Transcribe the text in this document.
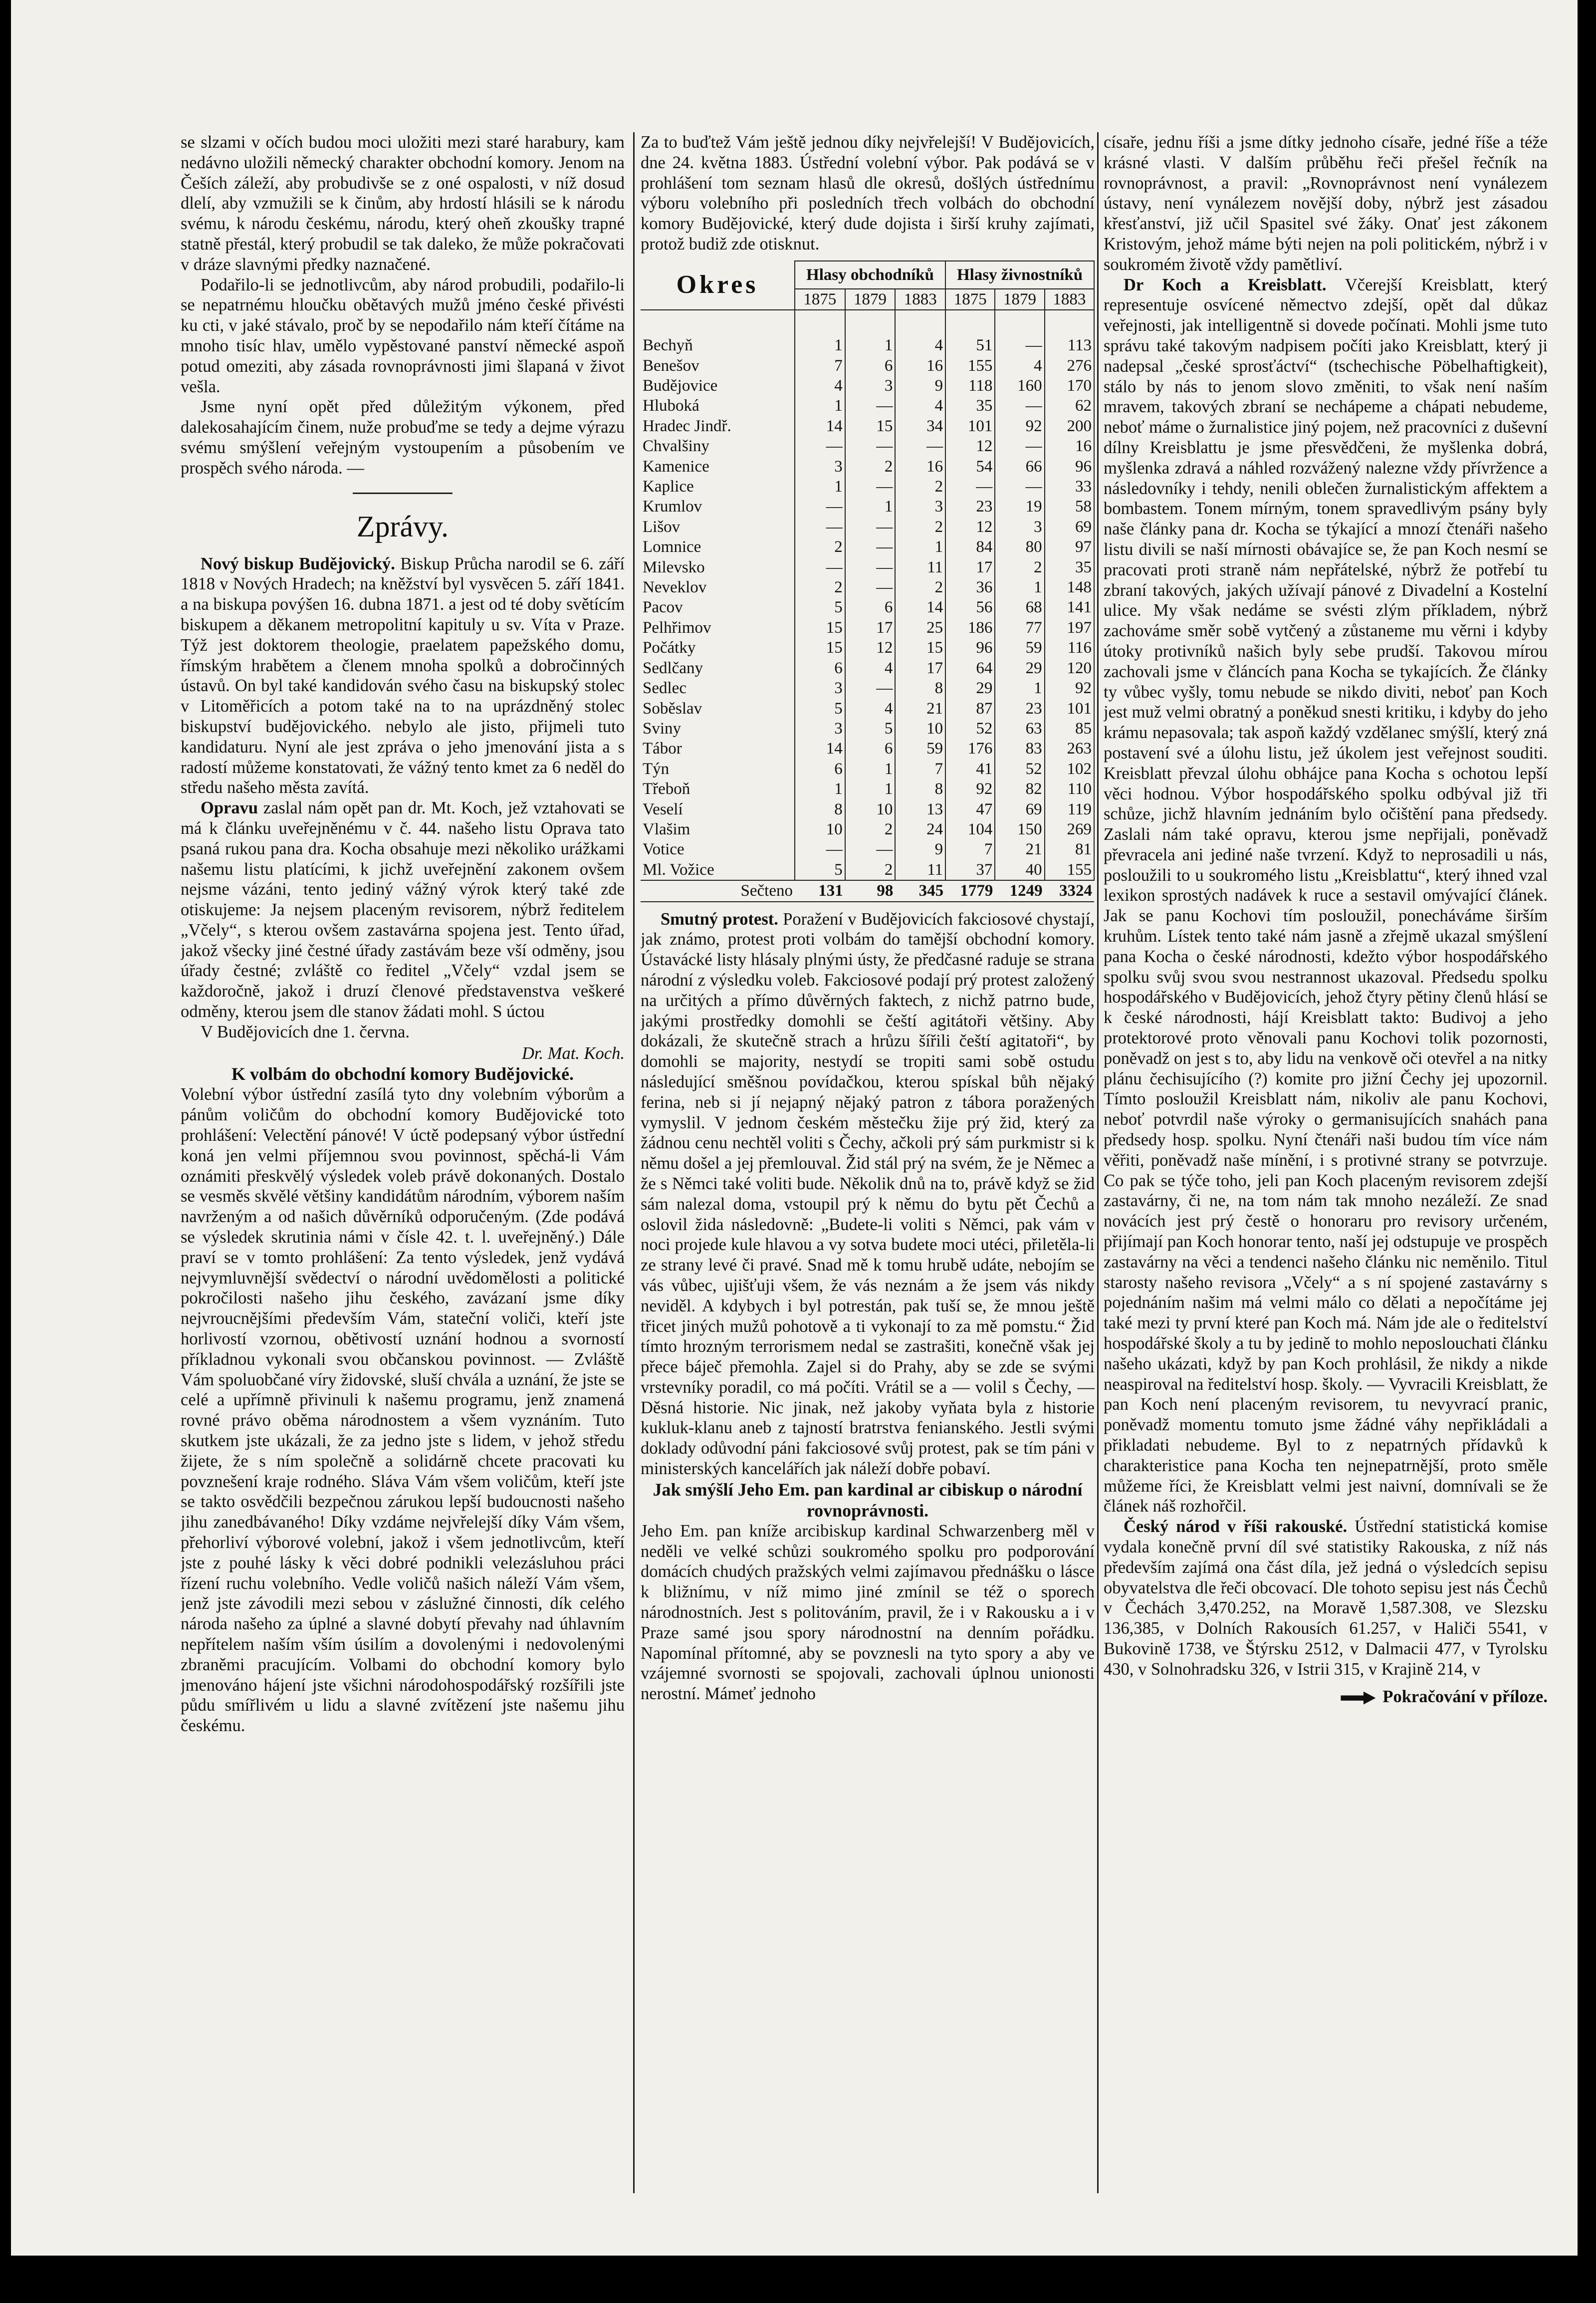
se slzami v očích budou moci uložiti mezi staré harabury, kam nedávno uložili německý charakter obchodní komory. Jenom na Češích záleží, aby probudivše se z oné ospalosti, v níž dosud dlelí, aby vzmužili se k činům, aby hrdostí hlásili se k národu svému, k národu českému, národu, který oheň zkoušky trapné statně přestál, který probudil se tak daleko, že může pokračovati v dráze slavnými předky naznačené.

Podařilo-li se jednotlivcům, aby národ probudili, podařilo-li se nepatrnému hloučku obětavých mužů jméno české přivésti ku cti, v jaké stávalo, proč by se nepodařilo nám kteří čítáme na mnoho tisíc hlav, umělo vypěstované panství německé aspoň potud omeziti, aby zásada rovnoprávnosti jimi šlapaná v život vešla.

Jsme nyní opět před důležitým výkonem, před dalekosahajícím činem, nuže probuďme se tedy a dejme výrazu svému smýšlení veřejným vystoupením a působením ve prospěch svého národa. —

Zprávy.

Nový biskup Budějovický. Biskup Průcha narodil se 6. září 1818 v Nových Hradech; na kněžství byl vysvěcen 5. září 1841. a na biskupa povýšen 16. dubna 1871. a jest od té doby světícím biskupem a děkanem metropolitní kapituly u sv. Víta v Praze. Týž jest doktorem theologie, praelatem papežského domu, římským hrabětem a členem mnoha spolků a dobročinných ústavů. On byl také kandidován svého času na biskupský stolec v Litoměřicích a potom také na to na uprázdněný stolec biskupství budějovického. nebylo ale jisto, přijmeli tuto kandidaturu. Nyní ale jest zpráva o jeho jmenování jista a s radostí můžeme konstatovati, že vážný tento kmet za 6 neděl do středu našeho města zavítá.

Opravu zaslal nám opět pan dr. Mt. Koch, jež vztahovati se má k článku uveřejněnému v č. 44. našeho listu Oprava tato psaná rukou pana dra. Kocha obsahuje mezi několiko urážkami našemu listu platícími, k jichž uveřejnění zakonem ovšem nejsme vázáni, tento jediný vážný výrok který také zde otiskujeme: Ja nejsem placeným revisorem, nýbrž ředitelem „Včely“, s kterou ovšem zastavárna spojena jest. Tento úřad, jakož všecky jiné čestné úřady zastávám beze vší odměny, jsou úřady čestné; zvláště co ředitel „Včely“ vzdal jsem se každoročně, jakož i druzí členové představenstva veškeré odměny, kterou jsem dle stanov žádati mohl. S úctou

V Budějovicích dne 1. června.

Dr. Mat. Koch.
K volbám do obchodní komory Budějovické.

Volební výbor ústřední zasílá tyto dny volebním výborům a pánům voličům do obchodní komory Budějovické toto prohlášení: Velectění pánové! V úctě podepsaný výbor ústřední koná jen velmi příjemnou svou povinnost, spěchá-li Vám oznámiti přeskvělý výsledek voleb právě dokonaných. Dostalo se vesměs skvělé většiny kandidátům národním, výborem naším navrženým a od našich důvěrníků odporučeným. (Zde podává se výsledek skrutinia námi v čísle 42. t. l. uveřejněný.) Dále praví se v tomto prohlášení: Za tento výsledek, jenž vydává nejvymluvnější svědectví o národní uvědomělosti a politické pokročilosti našeho jihu českého, zavázaní jsme díky nejvroucnějšími především Vám, stateční voliči, kteří jste horlivostí vzornou, obětivostí uznání hodnou a svorností příkladnou vykonali svou občanskou povinnost. — Zvláště Vám spoluobčané víry židovské, sluší chvála a uznání, že jste se celé a upřímně přivinuli k našemu programu, jenž znamená rovné právo oběma národnostem a všem vyznáním. Tuto skutkem jste ukázali, že za jedno jste s lidem, v jehož středu žijete, že s ním společně a solidárně chcete pracovati ku povznešení kraje rodného. Sláva Vám všem voličům, kteří jste se takto osvědčili bezpečnou zárukou lepší budoucnosti našeho jihu zanedbávaného! Díky vzdáme nejvřelejší díky Vám všem, přehorliví výborové volební, jakož i všem jednotlivcům, kteří jste z pouhé lásky k věci dobré podnikli velezásluhou práci řízení ruchu volebního. Vedle voličů našich náleží Vám všem, jenž jste závodili mezi sebou v záslužné činnosti, dík celého národa našeho za úplné a slavné dobytí převahy nad úhlavním nepřítelem naším vším úsilím a dovolenými i nedovolenými zbraněmi pracujícím. Volbami do obchodní komory bylo jmenováno hájení jste všichni národohospodářský rozšířili jste půdu smířlivém u lidu a slavné zvítězení jste našemu jihu českému.

Za to buďtež Vám ještě jednou díky nejvřelejší! V Budějovicích, dne 24. května 1883. Ústřední volební výbor. Pak podává se v prohlášení tom seznam hlasů dle okresů, došlých ústřednímu výboru volebního při posledních třech volbách do obchodní komory Budějovické, který dude dojista i širší kruhy zajímati, protož budiž zde otisknut.

Okres	Hlasy obchodníků			Hlasy živnostníků		
	1875	1879	1883	1875	1879	1883

Bechyň	1	1	4	51	—	113
Benešov	7	6	16	155	4	276
Budějovice	4	3	9	118	160	170
Hluboká	1	—	4	35	—	62
Hradec Jindř.	14	15	34	101	92	200
Chvalšiny	—	—	—	12	—	16
Kamenice	3	2	16	54	66	96
Kaplice	1	—	2	—	—	33
Krumlov	—	1	3	23	19	58
Lišov	—	—	2	12	3	69
Lomnice	2	—	1	84	80	97
Milevsko	—	—	11	17	2	35
Neveklov	2	—	2	36	1	148
Pacov	5	6	14	56	68	141
Pelhřimov	15	17	25	186	77	197
Počátky	15	12	15	96	59	116
Sedlčany	6	4	17	64	29	120
Sedlec	3	—	8	29	1	92
Soběslav	5	4	21	87	23	101
Sviny	3	5	10	52	63	85
Tábor	14	6	59	176	83	263
Týn	6	1	7	41	52	102
Třeboň	1	1	8	92	82	110
Veselí	8	10	13	47	69	119
Vlašim	10	2	24	104	150	269
Votice	—	—	9	7	21	81
Ml. Vožice	5	2	11	37	40	155
Sečteno	131	98	345	1779	1249	3324

Smutný protest. Poražení v Budějovicích fakciosové chystají, jak známo, protest proti volbám do tamější obchodní komory. Ústavácké listy hlásaly plnými ústy, že předčasné raduje se strana národní z výsledku voleb. Fakciosové podají prý protest založený na určitých a přímo důvěrných faktech, z nichž patrno bude, jakými prostředky domohli se čeští agitátoři většiny. Aby dokázali, že skutečně strach a hrůzu šířili čeští agitatoři“, by domohli se majority, nestydí se tropiti sami sobě ostudu následující směšnou povídačkou, kterou spískal bůh nějaký ferina, neb si jí nejapný nějaký patron z tábora poražených vymyslil. V jednom českém městečku žije prý žid, který za žádnou cenu nechtěl voliti s Čechy, ačkoli prý sám purkmistr si k němu došel a jej přemlouval. Žid stál prý na svém, že je Němec a že s Němci také voliti bude. Několik dnů na to, právě když se žid sám nalezal doma, vstoupil prý k němu do bytu pět Čechů a oslovil žida následovně: „Budete-li voliti s Němci, pak vám v noci projede kule hlavou a vy sotva budete moci utéci, přiletěla-li ze strany levé či pravé. Snad mě k tomu hrubě udáte, nebojím se vás vůbec, ujišťuji všem, že vás neznám a že jsem vás nikdy neviděl. A kdybych i byl potrestán, pak tuší se, že mnou ještě třicet jiných mužů pohotově a ti vykonají to za mě pomstu.“ Žid tímto hrozným terrorismem nedal se zastrašiti, konečně však jej přece báječ přemohla. Zajel si do Prahy, aby se zde se svými vrstevníky poradil, co má počíti. Vrátil se a — volil s Čechy, — Děsná historie. Nic jinak, než jakoby vyňata byla z historie kukluk-klanu aneb z tajností bratrstva fenianského. Jestli svými doklady odůvodní páni fakciosové svůj protest, pak se tím páni v ministerských kancelářích jak náleží dobře pobaví.

Jak smýšlí Jeho Em. pan kardinal ar cibiskup o národní rovnoprávnosti.

Jeho Em. pan kníže arcibiskup kardinal Schwarzenberg měl v neděli ve velké schůzi soukromého spolku pro podporování domácích chudých pražských velmi zajímavou přednášku o lásce k bližnímu, v níž mimo jiné zmínil se též o sporech národnostních. Jest s politováním, pravil, že i v Rakousku a i v Praze samé jsou spory národnostní na denním pořádku. Napomínal přítomné, aby se povznesli na tyto spory a aby ve vzájemné svornosti se spojovali, zachovali úplnou unionosti nerostní. Mámeť jednoho

císaře, jednu říši a jsme dítky jednoho císaře, jedné říše a téže krásné vlasti. V dalším průběhu řeči přešel řečník na rovnoprávnost, a pravil: „Rovnoprávnost není vynálezem ústavy, není vynálezem novější doby, nýbrž jest zásadou křesťanství, již učil Spasitel své žáky. Onať jest zákonem Kristovým, jehož máme býti nejen na poli politickém, nýbrž i v soukromém životě vždy pamětliví.

Dr Koch a Kreisblatt. Včerejší Kreisblatt, který representuje osvícené němectvo zdejší, opět dal důkaz veřejnosti, jak intelligentně si dovede počínati. Mohli jsme tuto správu také takovým nadpisem počíti jako Kreisblatt, který ji nadepsal „české sprosťáctví“ (tschechische Pöbelhaftigkeit), stálo by nás to jenom slovo změniti, to však není naším mravem, takových zbraní se nechápeme a chápati nebudeme, neboť máme o žurnalistice jiný pojem, než pracovníci z duševní dílny Kreisblattu je jsme přesvědčeni, že myšlenka dobrá, myšlenka zdravá a náhled rozvážený nalezne vždy přívržence a následovníky i tehdy, nenili oblečen žurnalistickým affektem a bombastem. Tonem mírným, tonem spravedlivým psány byly naše články pana dr. Kocha se týkající a mnozí čtenáři našeho listu divili se naší mírnosti obávajíce se, že pan Koch nesmí se pracovati proti straně nám nepřátelské, nýbrž že potřebí tu zbraní takových, jakých užívají pánové z Divadelní a Kostelní ulice. My však nedáme se svésti zlým příkladem, nýbrž zachováme směr sobě vytčený a zůstaneme mu věrni i kdyby útoky protivníků našich byly sebe prudší. Takovou mírou zachovali jsme v článcích pana Kocha se tykajících. Že články ty vůbec vyšly, tomu nebude se nikdo diviti, neboť pan Koch jest muž velmi obratný a poněkud snesti kritiku, i kdyby do jeho krámu nepasovala; tak aspoň každý vzdělanec smýšlí, který zná postavení své a úlohu listu, jež úkolem jest veřejnost souditi. Kreisblatt převzal úlohu obhájce pana Kocha s ochotou lepší věci hodnou. Výbor hospodářského spolku odbýval již tři schůze, jichž hlavním jednáním bylo očištění pana předsedy. Zaslali nám také opravu, kterou jsme nepřijali, poněvadž převracela ani jediné naše tvrzení. Když to neprosadili u nás, posloužili to u soukromého listu „Kreisblattu“, který ihned vzal lexikon sprostých nadávek k ruce a sestavil omývající článek. Jak se panu Kochovi tím posloužil, ponecháváme širším kruhům. Lístek tento také nám jasně a zřejmě ukazal smýšlení pana Kocha o české národnosti, kdežto výbor hospodářského spolku svůj svou svou nestrannost ukazoval. Předsedu spolku hospodářského v Budějovicích, jehož čtyry pětiny členů hlásí se k české národnosti, hájí Kreisblatt takto: Budivoj a jeho protektorové proto věnovali panu Kochovi tolik pozornosti, poněvadž on jest s to, aby lidu na venkově oči otevřel a na nitky plánu čechisujícího (?) komite pro jižní Čechy jej upozornil. Tímto posloužil Kreisblatt nám, nikoliv ale panu Kochovi, neboť potvrdil naše výroky o germanisujících snahách pana předsedy hosp. spolku. Nyní čtenáři naši budou tím více nám věřiti, poněvadž naše mínění, i s protivné strany se potvrzuje. Co pak se týče toho, jeli pan Koch placeným revisorem zdejší zastavárny, či ne, na tom nám tak mnoho nezáleží. Ze snad novácích jest prý čestě o honoraru pro revisory určeném, přijímají pan Koch honorar tento, naší jej odstupuje ve prospěch zastavárny na věci a tendenci našeho článku nic neměnilo. Titul starosty našeho revisora „Včely“ a s ní spojené zastavárny s pojednáním našim má velmi málo co dělati a nepočítáme jej také mezi ty první které pan Koch má. Nám jde ale o ředitelství hospodářské školy a tu by jedině to mohlo neposlouchati článku našeho ukázati, když by pan Koch prohlásil, že nikdy a nikde neaspiroval na ředitelství hosp. školy. — Vyvracili Kreisblatt, že pan Koch není placeným revisorem, tu nevyvrací pranic, poněvadž momentu tomuto jsme žádné váhy nepřikládali a přikladati nebudeme. Byl to z nepatrných přídavků k charakteristice pana Kocha ten nejnepatrnější, proto směle můžeme říci, že Kreisblatt velmi jest naivní, domnívali se že článek náš rozhořčil.

Český národ v říši rakouské. Ústřední statistická komise vydala konečně první díl své statistiky Rakouska, z níž nás především zajímá ona část díla, jež jedná o výsledcích sepisu obyvatelstva dle řeči obcovací. Dle tohoto sepisu jest nás Čechů v Čechách 3,470.252, na Moravě 1,587.308, ve Slezsku 136,385, v Dolních Rakousích 61.257, v Haliči 5541, v Bukovině 1738, ve Štýrsku 2512, v Dalmacii 477, v Tyrolsku 430, v Solnohradsku 326, v Istrii 315, v Krajině 214, v

Pokračování v příloze.
